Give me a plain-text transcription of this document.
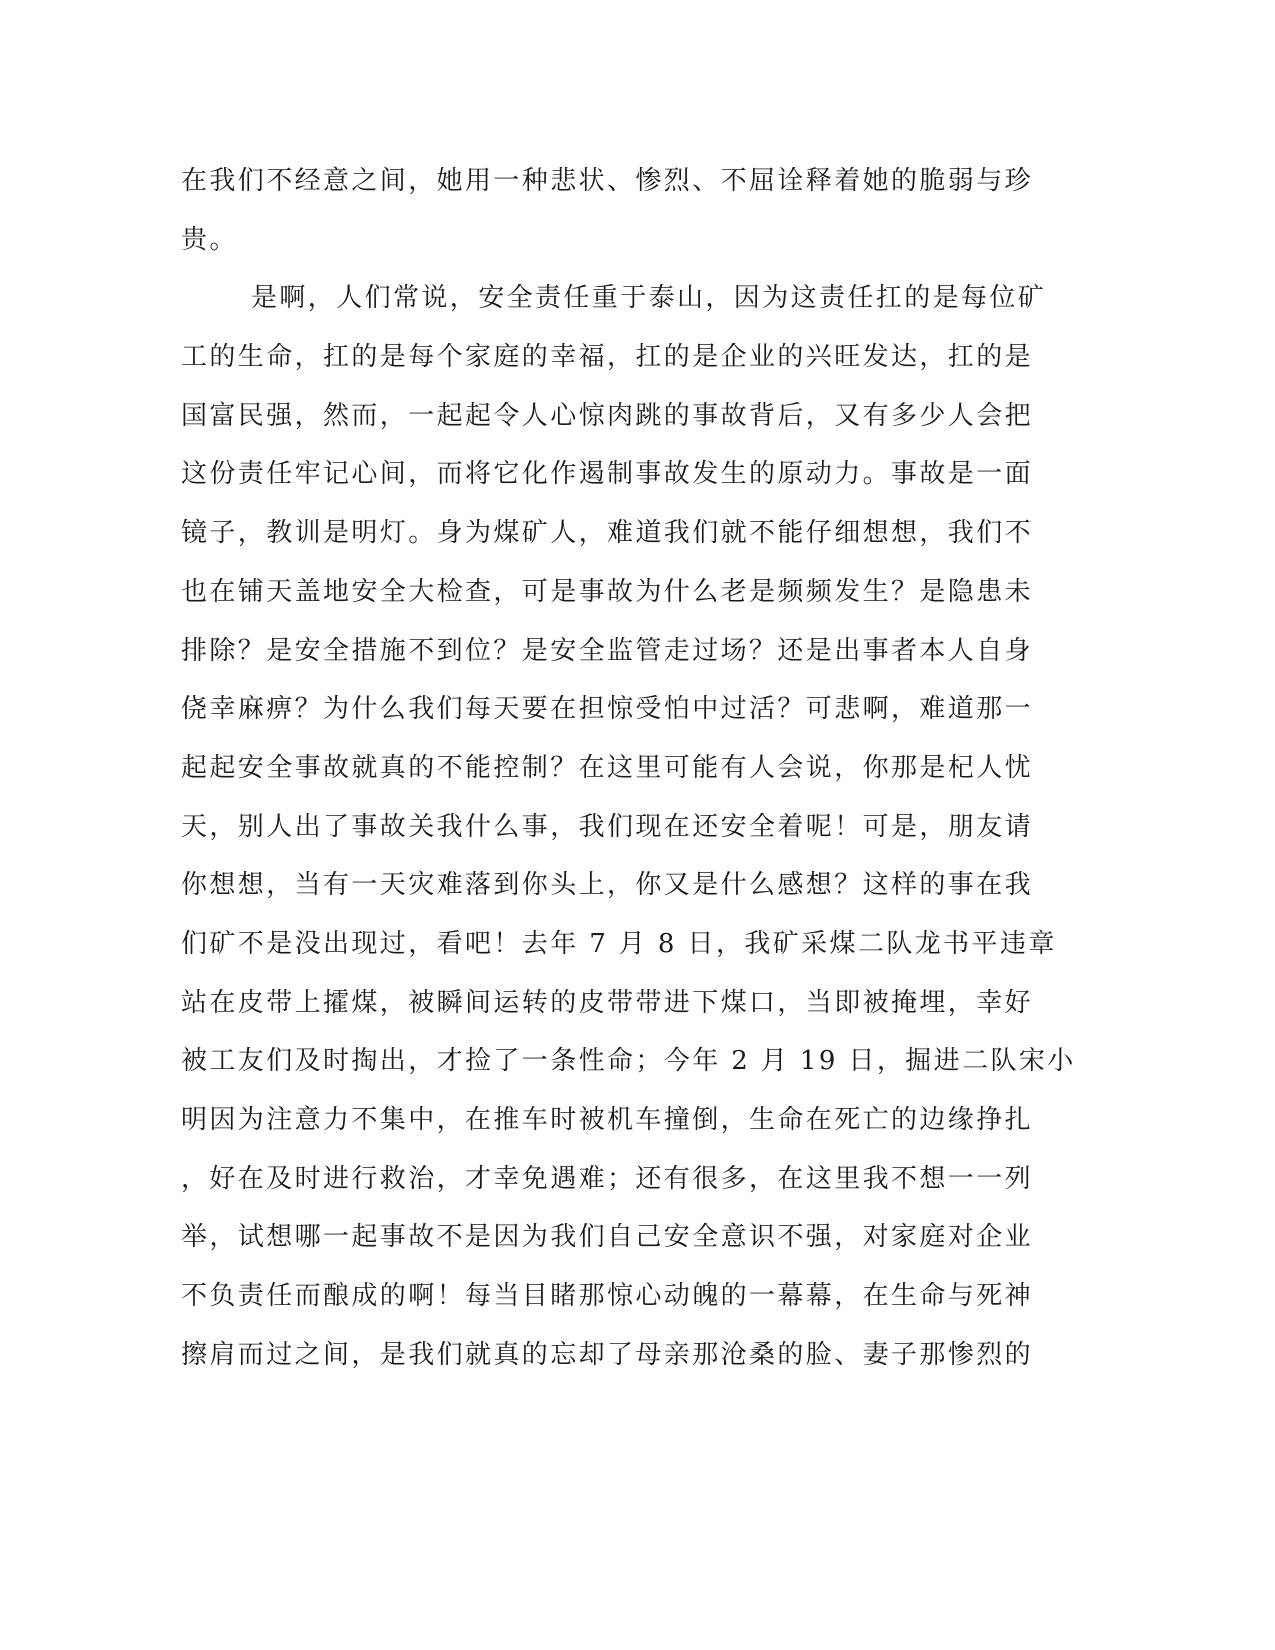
在我们不经意之间，她用一种悲状、惨烈、不屈诠释着她的脆弱与珍
贵。
是啊，人们常说，安全责任重于泰山，因为这责任扛的是每位矿
工的生命，扛的是每个家庭的幸福，扛的是企业的兴旺发达，扛的是
国富民强，然而，一起起令人心惊肉跳的事故背后，又有多少人会把
这份责任牢记心间，而将它化作遏制事故发生的原动力。事故是一面
镜子，教训是明灯。身为煤矿人，难道我们就不能仔细想想，我们不
也在铺天盖地安全大检查，可是事故为什么老是频频发生？是隐患未
排除？是安全措施不到位？是安全监管走过场？还是出事者本人自身
侥幸麻痹？为什么我们每天要在担惊受怕中过活？可悲啊，难道那一
起起安全事故就真的不能控制？在这里可能有人会说，你那是杞人忧
天，别人出了事故关我什么事，我们现在还安全着呢！可是，朋友请
你想想，当有一天灾难落到你头上，你又是什么感想？这样的事在我
们矿不是没出现过，看吧！去年 7 月 8 日，我矿采煤二队龙书平违章
站在皮带上攉煤，被瞬间运转的皮带带进下煤口，当即被掩埋，幸好
被工友们及时掏出，才捡了一条性命；今年 2 月 19 日，掘进二队宋小
明因为注意力不集中，在推车时被机车撞倒，生命在死亡的边缘挣扎
，好在及时进行救治，才幸免遇难；还有很多，在这里我不想一一列
举，试想哪一起事故不是因为我们自己安全意识不强，对家庭对企业
不负责任而酿成的啊！每当目睹那惊心动魄的一幕幕，在生命与死神
擦肩而过之间，是我们就真的忘却了母亲那沧桑的脸、妻子那惨烈的
